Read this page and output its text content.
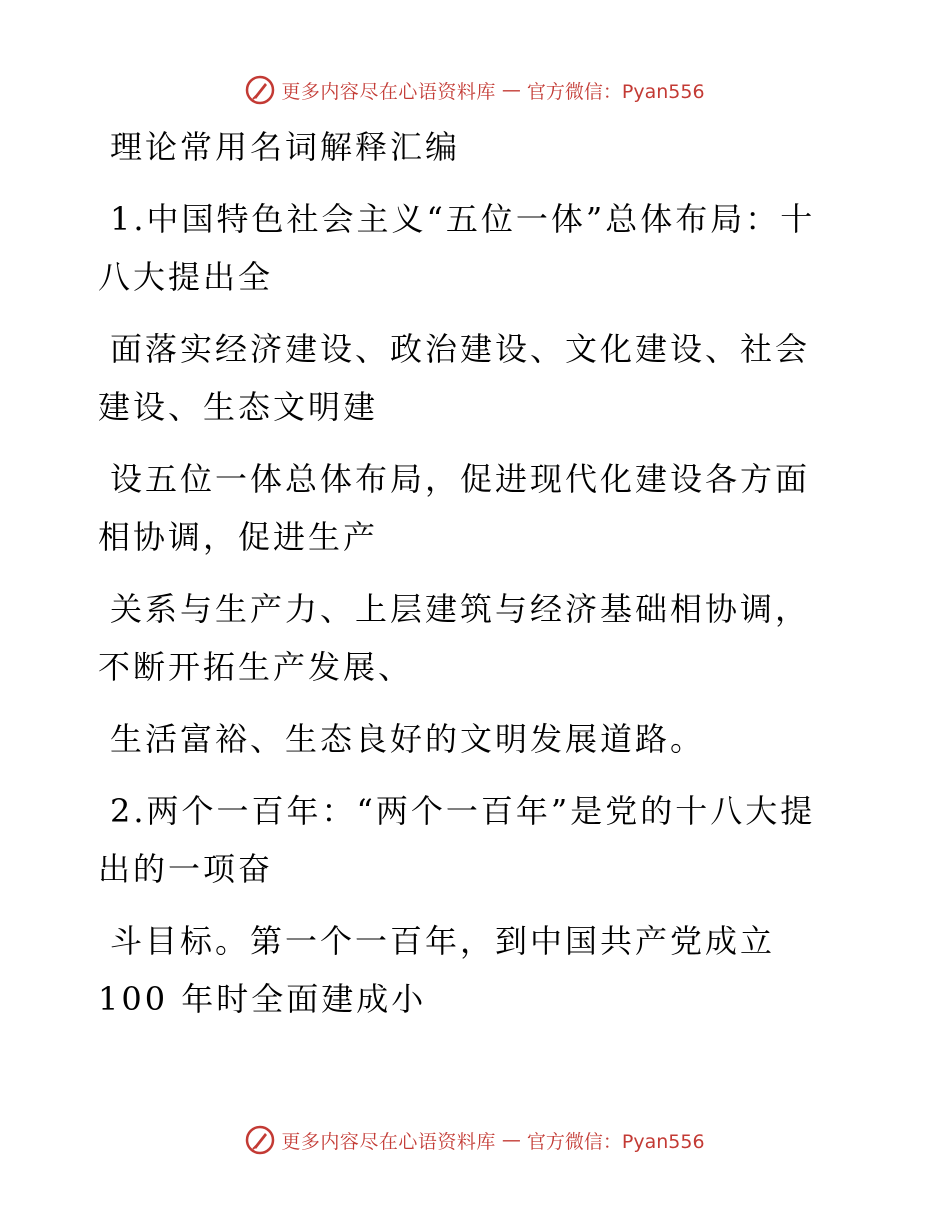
更多内容尽在心语资料库 — 官方微信：Pyan556

理论常用名词解释汇编

1.中国特色社会主义“五位一体”总体布局：十八大提出全

面落实经济建设、政治建设、文化建设、社会建设、生态文明建

设五位一体总体布局，促进现代化建设各方面相协调，促进生产

关系与生产力、上层建筑与经济基础相协调，不断开拓生产发展、

生活富裕、生态良好的文明发展道路。

2.两个一百年：“两个一百年”是党的十八大提出的一项奋

斗目标。第一个一百年，到中国共产党成立 100 年时全面建成小

更多内容尽在心语资料库 — 官方微信：Pyan556
